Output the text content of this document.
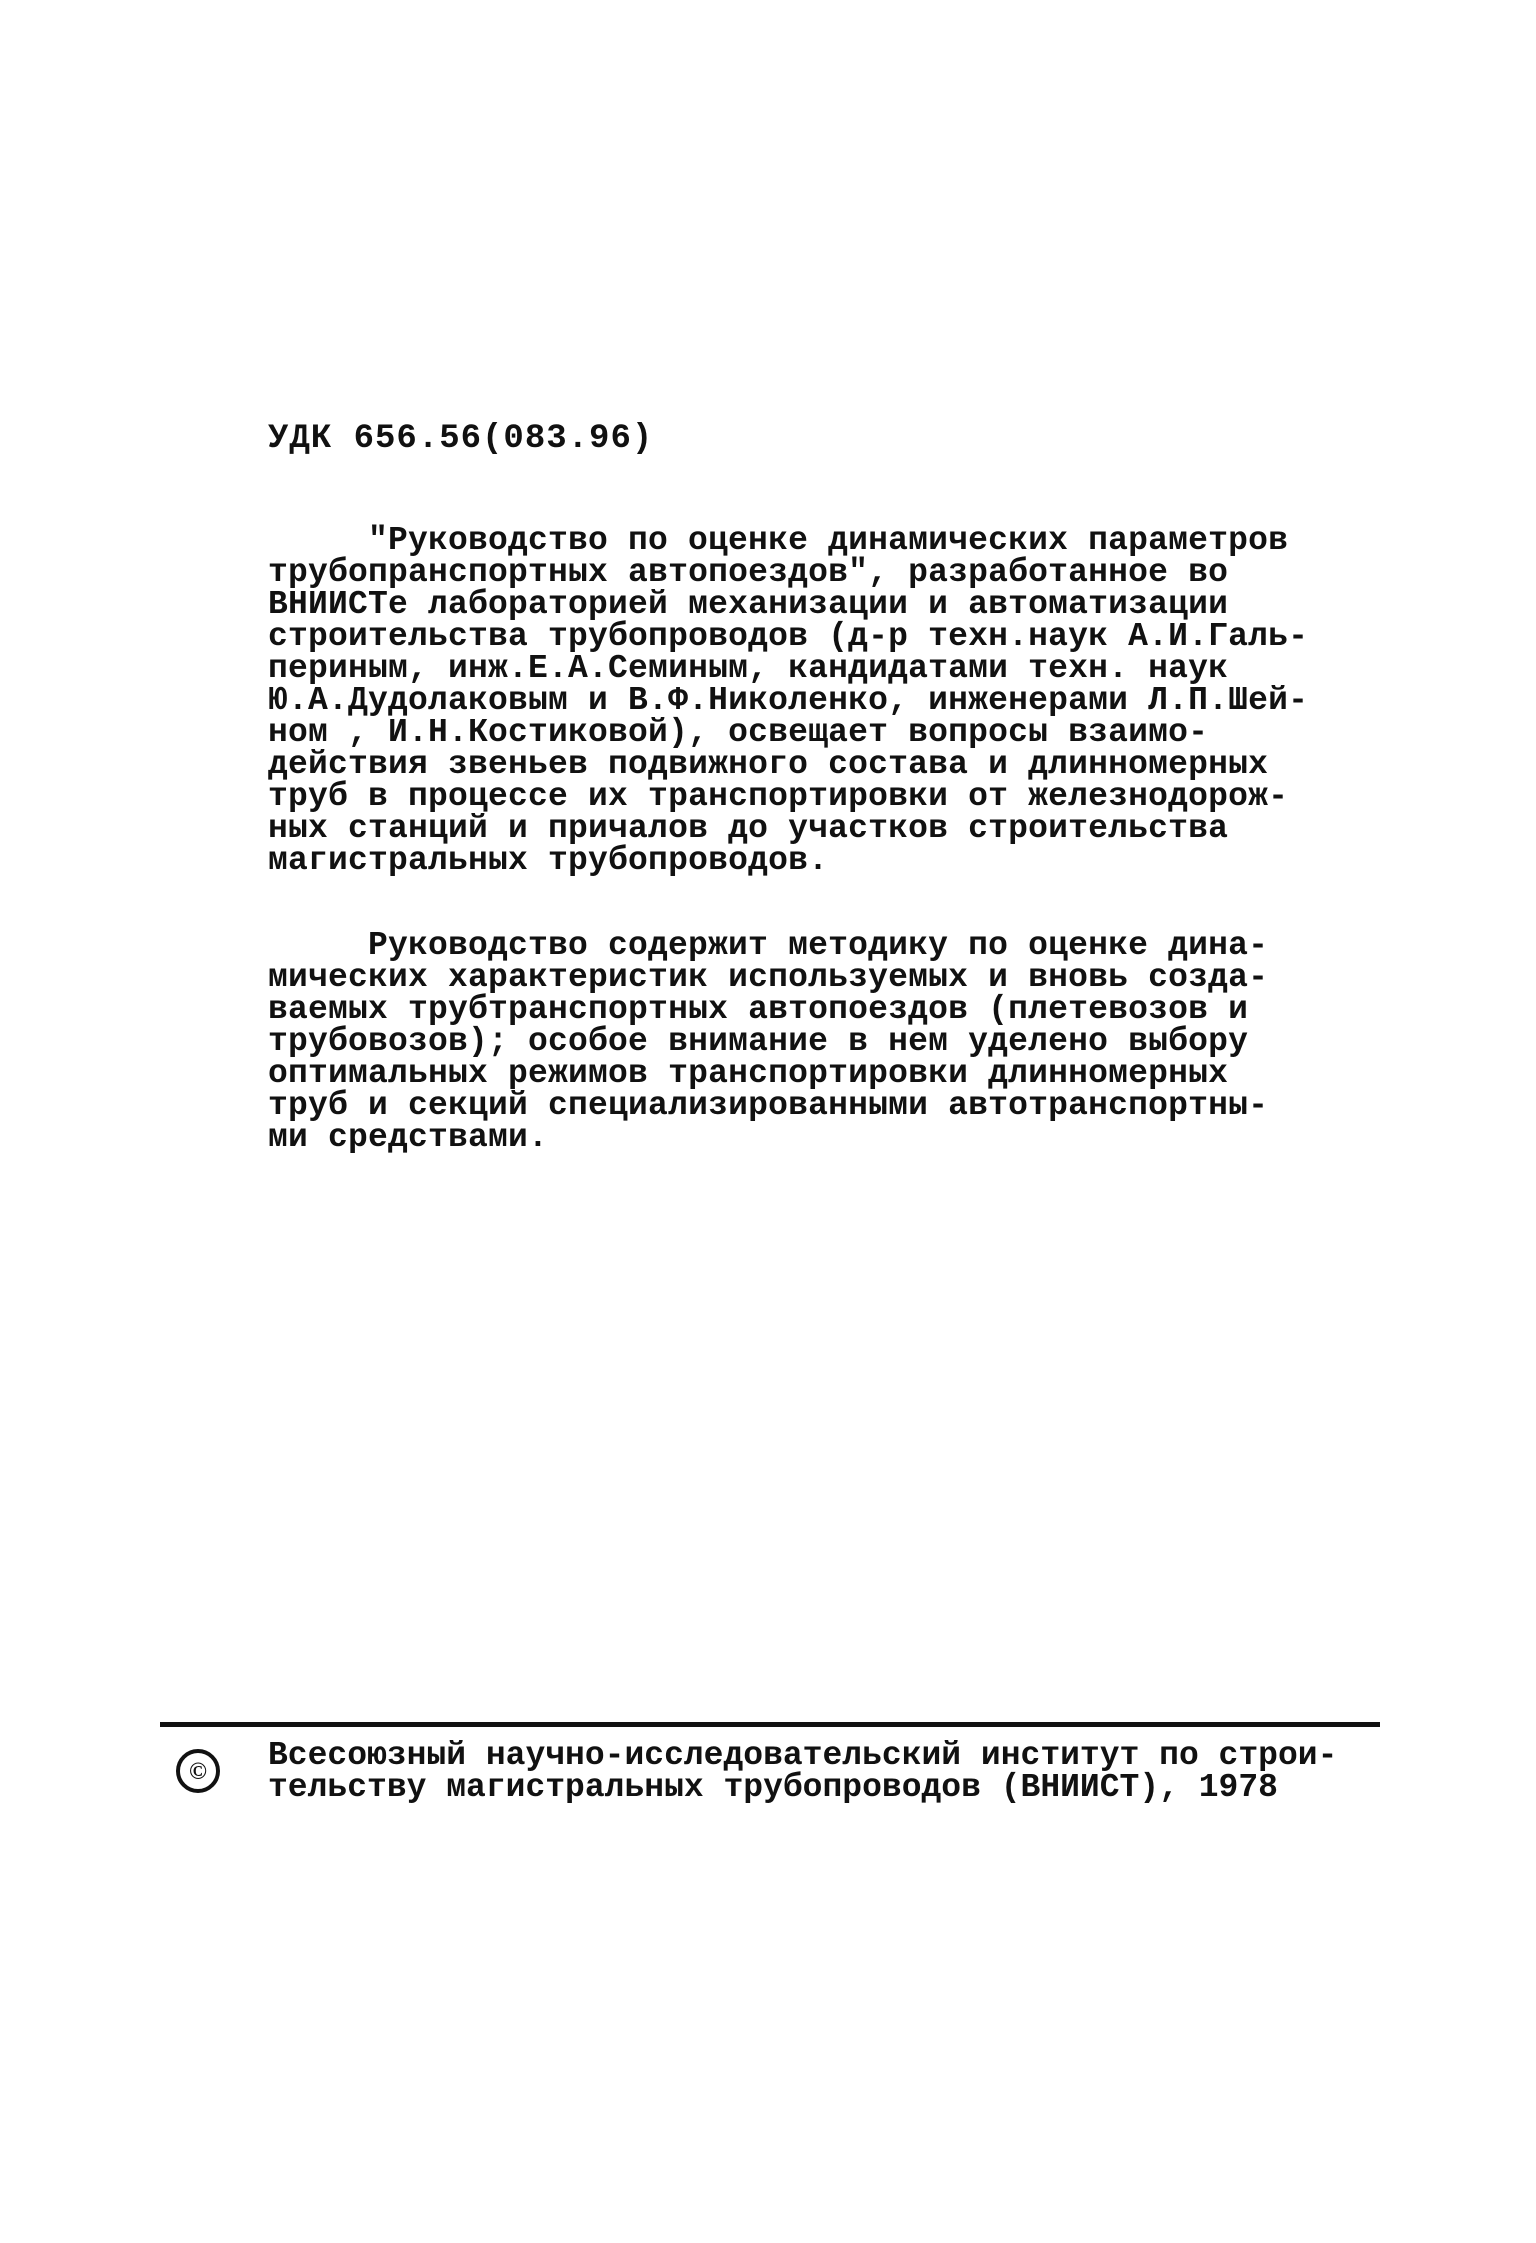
УДК 656.56(083.96)
"Руководство по оценке динамических параметров
трубопранспортных автопоездов", разработанное во
ВНИИСТе лабораторией механизации и автоматизации
строительства трубопроводов (д-р техн.наук А.И.Галь-
периным, инж.Е.А.Семиным, кандидатами техн. наук
Ю.А.Дудолаковым и В.Ф.Николенко, инженерами Л.П.Шей-
ном , И.Н.Костиковой), освещает вопросы взаимо-
действия звеньев подвижного состава и длинномерных
труб в процессе их транспортировки от железнодорож-
ных станций и причалов до участков строительства
магистральных трубопроводов.
Руководство содержит методику по оценке дина-
мических характеристик используемых и вновь созда-
ваемых трубтранспортных автопоездов (плетевозов и
трубовозов); особое внимание в нем уделено выбору
оптимальных режимов транспортировки длинномерных
труб и секций специализированными автотранспортны-
ми средствами.
© Всесоюзный научно-исследовательский институт по строи-
тельству магистральных трубопроводов (ВНИИСТ), 1978
